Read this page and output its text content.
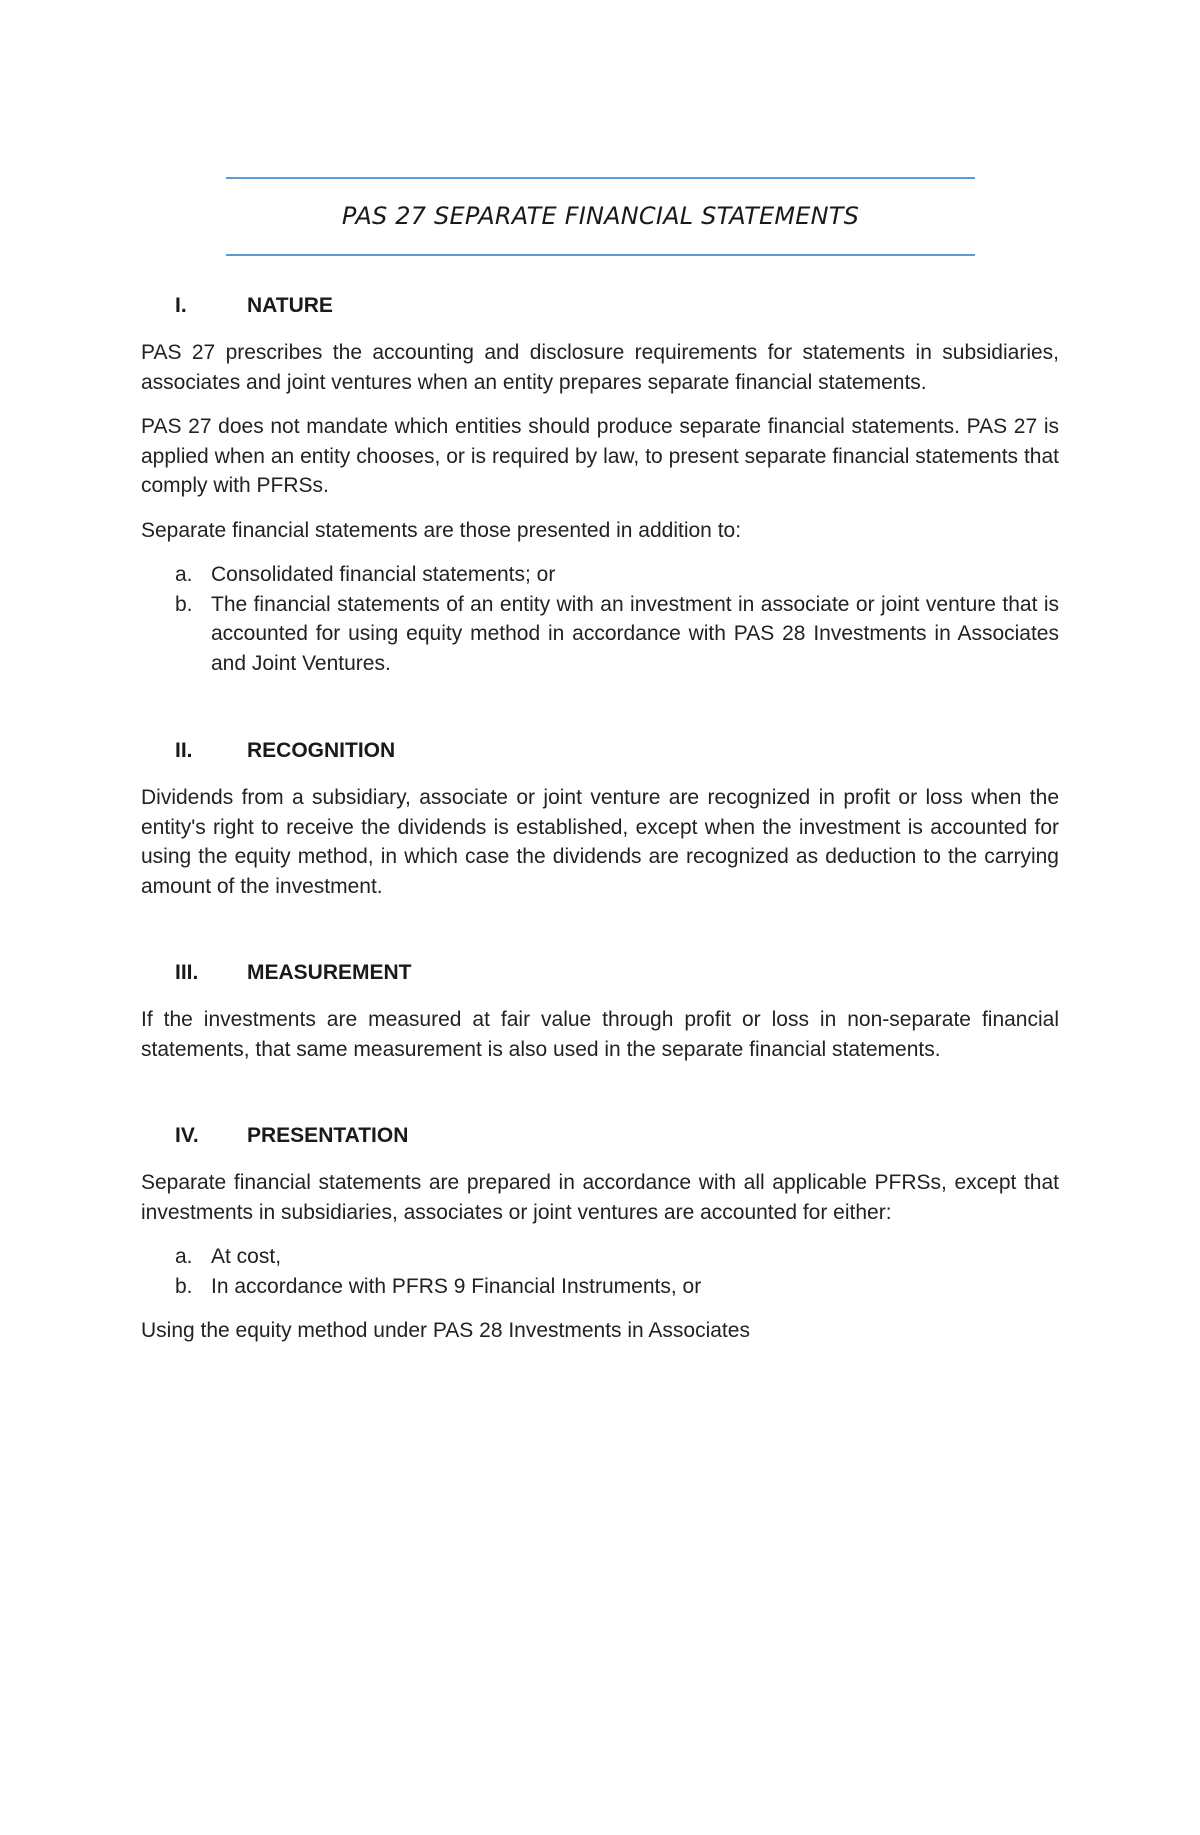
PAS 27 SEPARATE FINANCIAL STATEMENTS
I.	NATURE

PAS 27 prescribes the accounting and disclosure requirements for statements in subsidiaries, associates and joint ventures when an entity prepares separate financial statements.

PAS 27 does not mandate which entities should produce separate financial statements. PAS 27 is applied when an entity chooses, or is required by law, to present separate financial statements that comply with PFRSs.

Separate financial statements are those presented in addition to:

a. Consolidated financial statements; or
b. The financial statements of an entity with an investment in associate or joint venture that is accounted for using equity method in accordance with PAS 28 Investments in Associates and Joint Ventures.
II.	RECOGNITION

Dividends from a subsidiary, associate or joint venture are recognized in profit or loss when the entity's right to receive the dividends is established, except when the investment is accounted for using the equity method, in which case the dividends are recognized as deduction to the carrying amount of the investment.

III.	MEASUREMENT

If the investments are measured at fair value through profit or loss in non-separate financial statements, that same measurement is also used in the separate financial statements.

IV.	PRESENTATION

Separate financial statements are prepared in accordance with all applicable PFRSs, except that investments in subsidiaries, associates or joint ventures are accounted for either:

a. At cost,
b. In accordance with PFRS 9 Financial Instruments, or

Using the equity method under PAS 28 Investments in Associates
